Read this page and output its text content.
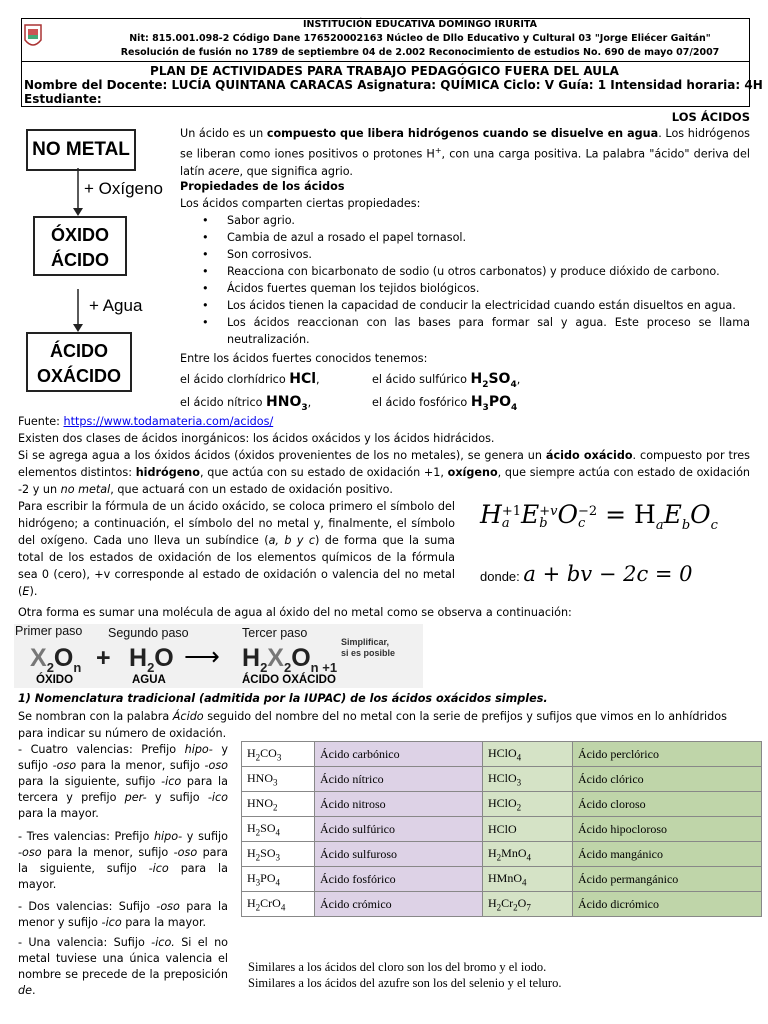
INSTITUCIÓN EDUCATIVA DOMINGO IRURITA
Nit: 815.001.098-2 Código Dane 176520002163 Núcleo de Dllo Educativo y Cultural 03 "Jorge Eliécer Gaitán"
Resolución de fusión no 1789 de septiembre 04 de 2.002 Reconocimiento de estudios No. 690 de mayo 07/2007
PLAN DE ACTIVIDADES PARA TRABAJO PEDAGÓGICO FUERA DEL AULA
Nombre del Docente: LUCÍA QUINTANA CARACAS Asignatura: QUÍMICA Ciclo: V Guía: 1 Intensidad horaria: 4H
Estudiante:
LOS ÁCIDOS
NO METAL
+ Oxígeno
ÓXIDO
ÁCIDO
+ Agua
ÁCIDO
OXÁCIDO
Un ácido es un compuesto que libera hidrógenos cuando se disuelve en agua. Los hidrógenos se liberan como iones positivos o protones H+, con una carga positiva. La palabra "ácido" deriva del latín acere, que significa agrio.
Propiedades de los ácidos
Los ácidos comparten ciertas propiedades:
• Sabor agrio.
• Cambia de azul a rosado el papel tornasol.
• Son corrosivos.
• Reacciona con bicarbonato de sodio (u otros carbonatos) y produce dióxido de carbono.
• Ácidos fuertes queman los tejidos biológicos.
• Los ácidos tienen la capacidad de conducir la electricidad cuando están disueltos en agua.
• Los ácidos reaccionan con las bases para formar sal y agua. Este proceso se llama neutralización.
Entre los ácidos fuertes conocidos tenemos:
el ácido clorhídrico HCl,	el ácido sulfúrico $H_2SO_4$,
el ácido nítrico $HNO_3$,	el ácido fosfórico $H_3PO_4$
Fuente: https://www.todamateria.com/acidos/
Existen dos clases de ácidos inorgánicos: los ácidos oxácidos y los ácidos hidrácidos.
Si se agrega agua a los óxidos ácidos (óxidos provenientes de los no metales), se genera un ácido oxácido. compuesto por tres elementos distintos: hidrógeno, que actúa con su estado de oxidación +1, oxígeno, que siempre actúa con estado de oxidación -2 y un no metal, que actuará con un estado de oxidación positivo.
Para escribir la fórmula de un ácido oxácido, se coloca primero el símbolo del hidrógeno; a continuación, el símbolo del no metal y, finalmente, el símbolo del oxígeno. Cada uno lleva un subíndice (a, b y c) de forma que la suma total de los estados de oxidación de los elementos químicos de la fórmula sea 0 (cero), +v corresponde al estado de oxidación o valencia del no metal (E).
H +1
a E +v
b O −2
$c = H_aE_bO_c$
donde: a + bv − 2c = 0
Otra forma es sumar una molécula de agua al óxido del no metal como se observa a continuación:
Primer paso Segundo paso	Tercer paso
Simplificar,
si es posible
$X_2O_n + H_2O$ ⟶ $H_2X_2O_{n +1}$
ÓXIDO	AGUA	ÁCIDO OXÁCIDO
1) Nomenclatura tradicional (admitida por la IUPAC) de los ácidos oxácidos simples.
Se nombran con la palabra Ácido seguido del nombre del no metal con la serie de prefijos y sufijos que vimos en lo anhídridos para indicar su número de oxidación.
- Cuatro valencias: Prefijo hipo- y sufijo -oso para la menor, sufijo -oso para la siguiente, sufijo -ico para la tercera y prefijo per- y sufijo -ico para la mayor.
- Tres valencias: Prefijo hipo- y sufijo -oso para la menor, sufijo -oso para la siguiente, sufijo -ico para la mayor.
- Dos valencias: Sufijo -oso para la menor y sufijo -ico para la mayor.
- Una valencia: Sufijo -ico. Si el no metal tuviese una única valencia el nombre se precede de la preposición de.
$H_2CO_3$	Ácido carbónico	HClO$_4$	Ácido perclórico
$HNO_3$	Ácido nítrico	HClO$_3$	Ácido clórico
$HNO_2$	Ácido nitroso	HClO$_2$	Ácido cloroso
$H_2SO_4$	Ácido sulfúrico	HClO	Ácido hipocloroso
$H_2SO_3$	Ácido sulfuroso	$H_2MnO_4$	Ácido mangánico
$H_3PO_4$	Ácido fosfórico	HMnO$_4$	Ácido permangánico
$H_2CrO_4$	Ácido crómico	$H_2Cr_2O_7$	Ácido dicrómico
Similares a los ácidos del cloro son los del bromo y el iodo.
Similares a los ácidos del azufre son los del selenio y el teluro.
